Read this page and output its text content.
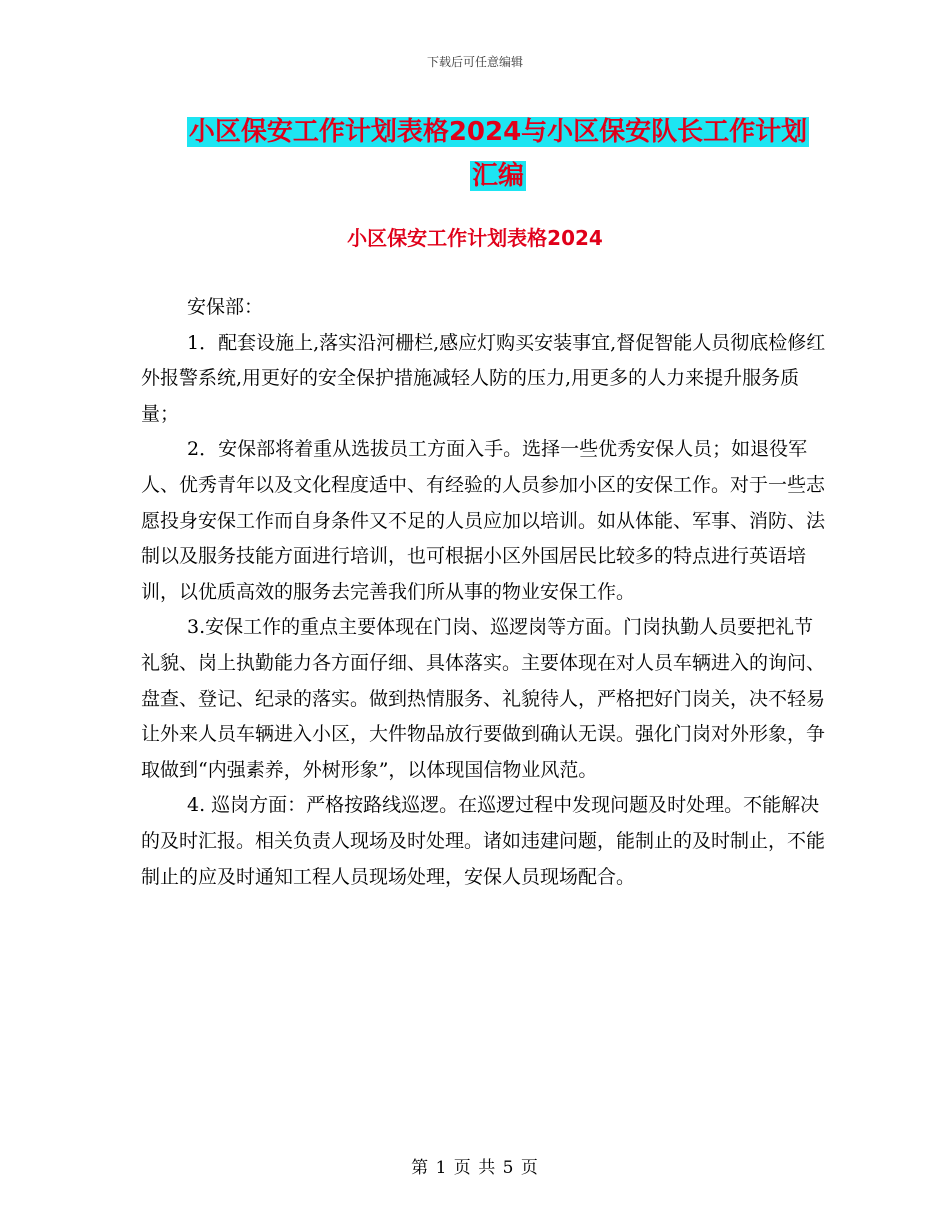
下载后可任意编辑
小区保安工作计划表格2024与小区保安队长工作计划
汇编
小区保安工作计划表格2024

安保部：

1．配套设施上,落实沿河栅栏,感应灯购买安装事宜,督促智能人员彻底检修红外报警系统,用更好的安全保护措施减轻人防的压力,用更多的人力来提升服务质量；

2．安保部将着重从选拔员工方面入手。选择一些优秀安保人员；如退役军人、优秀青年以及文化程度适中、有经验的人员参加小区的安保工作。对于一些志愿投身安保工作而自身条件又不足的人员应加以培训。如从体能、军事、消防、法制以及服务技能方面进行培训，也可根据小区外国居民比较多的特点进行英语培训，以优质高效的服务去完善我们所从事的物业安保工作。

3.安保工作的重点主要体现在门岗、巡逻岗等方面。门岗执勤人员要把礼节礼貌、岗上执勤能力各方面仔细、具体落实。主要体现在对人员车辆进入的询问、盘查、登记、纪录的落实。做到热情服务、礼貌待人，严格把好门岗关，决不轻易让外来人员车辆进入小区，大件物品放行要做到确认无误。强化门岗对外形象，争取做到“内强素养，外树形象”，以体现国信物业风范。

4. 巡岗方面：严格按路线巡逻。在巡逻过程中发现问题及时处理。不能解决的及时汇报。相关负责人现场及时处理。诸如违建问题，能制止的及时制止，不能制止的应及时通知工程人员现场处理，安保人员现场配合。

第 1 页 共 5 页
